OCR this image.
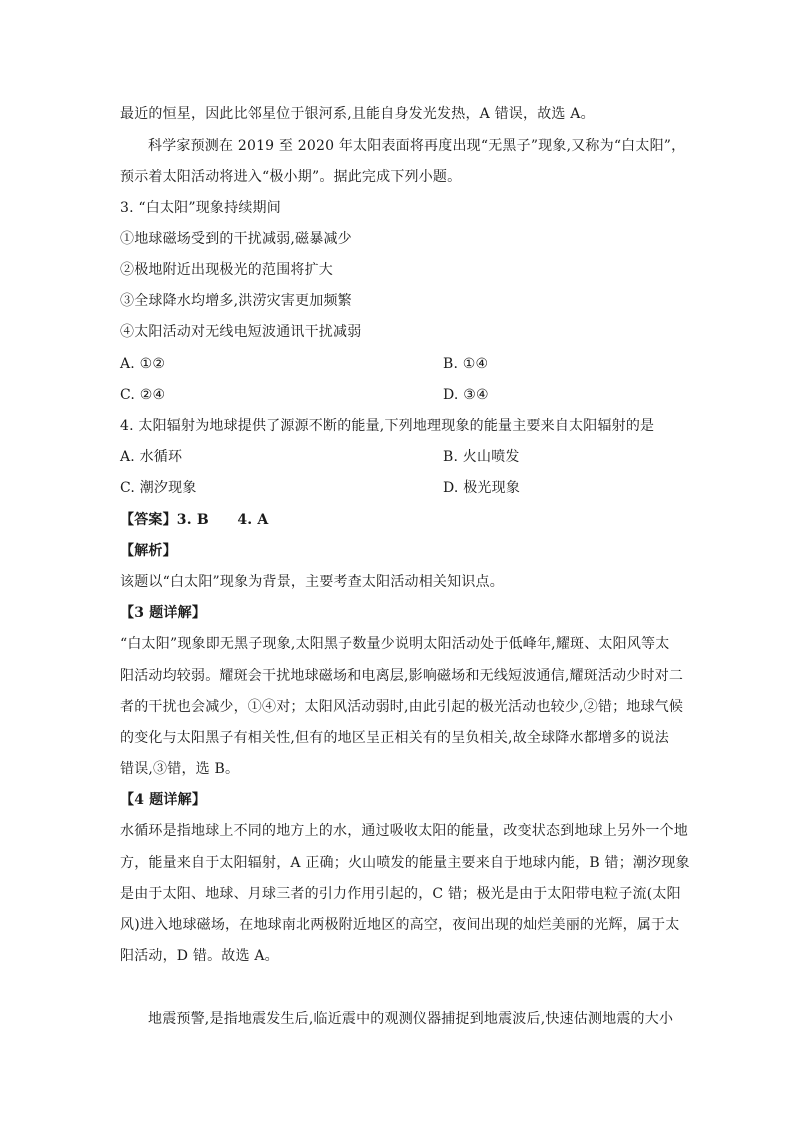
最近的恒星，因此比邻星位于银河系,且能自身发光发热，A 错误，故选 A。
科学家预测在 2019 至 2020 年太阳表面将再度出现“无黑子”现象,又称为“白太阳”，
预示着太阳活动将进入“极小期”。据此完成下列小题。
3. “白太阳”现象持续期间
①地球磁场受到的干扰减弱,磁暴减少
②极地附近出现极光的范围将扩大
③全球降水均增多,洪涝灾害更加频繁
④太阳活动对无线电短波通讯干扰减弱
A. ①②	B. ①④
C. ②④	D. ③④
4. 太阳辐射为地球提供了源源不断的能量,下列地理现象的能量主要来自太阳辐射的是
A. 水循环	B. 火山喷发
C. 潮汐现象	D. 极光现象
【答案】3. B　　4. A
【解析】
该题以“白太阳”现象为背景，主要考查太阳活动相关知识点。
【3 题详解】
“白太阳”现象即无黑子现象,太阳黑子数量少说明太阳活动处于低峰年,耀斑、太阳风等太
阳活动均较弱。耀斑会干扰地球磁场和电离层,影响磁场和无线短波通信,耀斑活动少时对二
者的干扰也会减少，①④对；太阳风活动弱时,由此引起的极光活动也较少,②错；地球气候
的变化与太阳黑子有相关性,但有的地区呈正相关有的呈负相关,故全球降水都增多的说法
错误,③错，选 B。
【4 题详解】
水循环是指地球上不同的地方上的水，通过吸收太阳的能量，改变状态到地球上另外一个地
方，能量来自于太阳辐射，A 正确；火山喷发的能量主要来自于地球内能，B 错；潮汐现象
是由于太阳、地球、月球三者的引力作用引起的，C 错；极光是由于太阳带电粒子流(太阳
风)进入地球磁场，在地球南北两极附近地区的高空，夜间出现的灿烂美丽的光辉，属于太
阳活动，D 错。故选 A。
地震预警,是指地震发生后,临近震中的观测仪器捕捉到地震波后,快速估测地震的大小
